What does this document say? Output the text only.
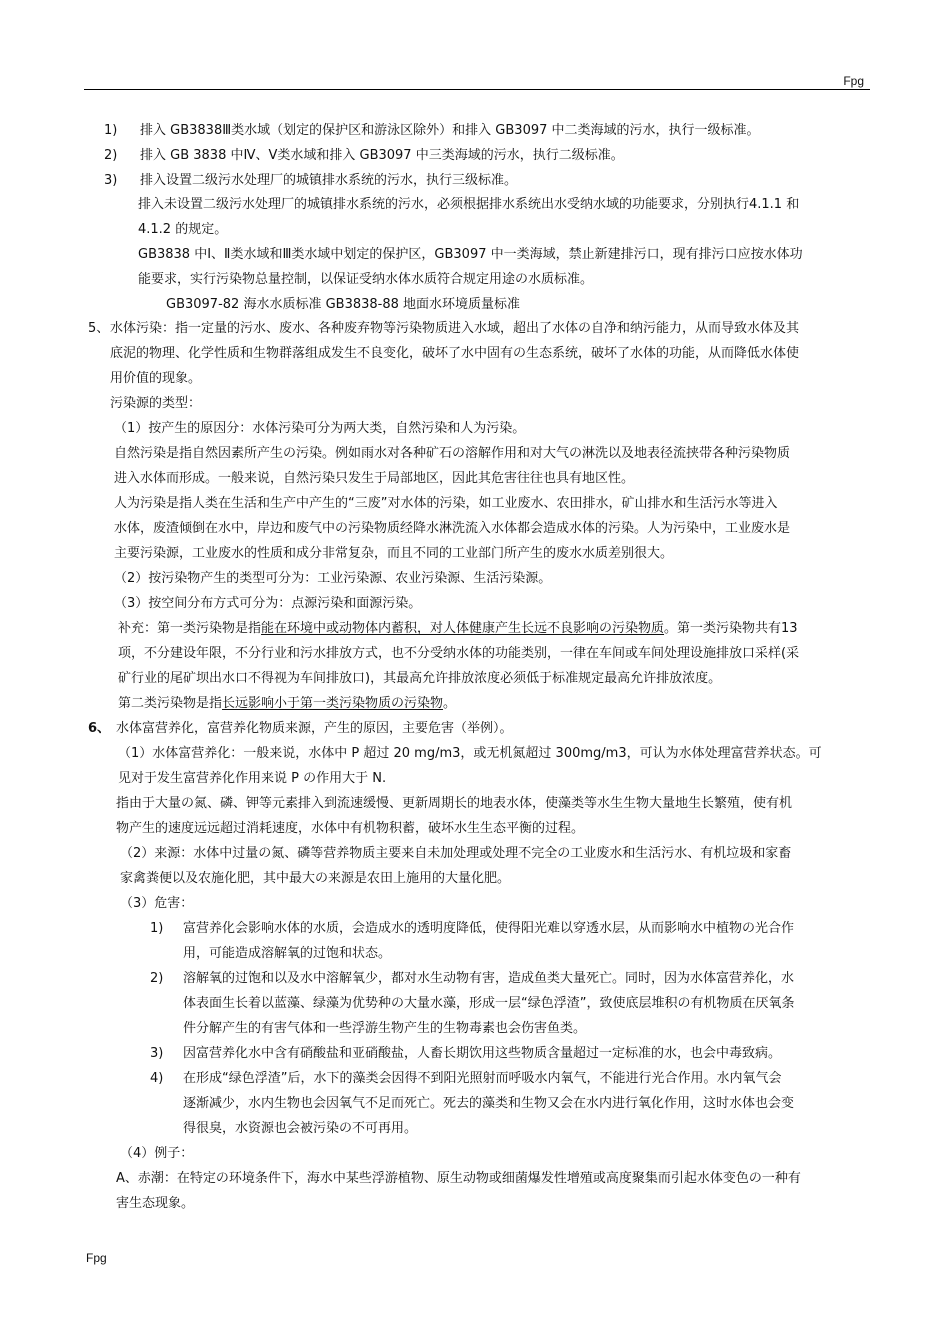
Fpg
1)	排入 GB3838Ⅲ类水域（划定的保护区和游泳区除外）和排入 GB3097 中二类海域的污水，执行一级标准。
2)	排入 GB 3838 中Ⅳ、Ⅴ类水域和排入 GB3097 中三类海域的污水，执行二级标准。
3)	排入设置二级污水处理厂的城镇排水系统的污水，执行三级标准。
排入未设置二级污水处理厂的城镇排水系统的污水，必须根据排水系统出水受纳水域的功能要求，分别执行4.1.1 和
4.1.2 的规定。
GB3838 中Ⅰ、Ⅱ类水域和Ⅲ类水域中划定的保护区，GB3097 中一类海域，禁止新建排污口，现有排污口应按水体功
能要求，实行污染物总量控制，以保证受纳水体水质符合规定用途の水质标准。
GB3097-82 海水水质标准 GB3838-88 地面水环境质量标准
5、 水体污染：指一定量的污水、废水、各种废弃物等污染物质进入水域，超出了水体の自净和纳污能力，从而导致水体及其
底泥的物理、化学性质和生物群落组成发生不良变化，破坏了水中固有の生态系统，破坏了水体的功能，从而降低水体使
用价值的现象。
污染源的类型：
（1）按产生的原因分：水体污染可分为两大类，自然污染和人为污染。
自然污染是指自然因素所产生の污染。例如雨水对各种矿石の溶解作用和对大气の淋洗以及地表径流挟带各种污染物质
进入水体而形成。一般来说，自然污染只发生于局部地区，因此其危害往往也具有地区性。
人为污染是指人类在生活和生产中产生的“三废”对水体的污染，如工业废水、农田排水，矿山排水和生活污水等进入
水体，废渣倾倒在水中，岸边和废气中の污染物质经降水淋洗流入水体都会造成水体的污染。人为污染中，工业废水是
主要污染源，工业废水的性质和成分非常复杂，而且不同的工业部门所产生的废水水质差别很大。
（2）按污染物产生的类型可分为：工业污染源、农业污染源、生活污染源。
（3）按空间分布方式可分为：点源污染和面源污染。
补充：第一类污染物是指能在环境中或动物体内蓄积，对人体健康产生长远不良影响の污染物质。第一类污染物共有13
项，不分建设年限，不分行业和污水排放方式，也不分受纳水体的功能类别，一律在车间或车间处理设施排放口采样(采
矿行业的尾矿坝出水口不得视为车间排放口)，其最高允许排放浓度必须低于标准规定最高允许排放浓度。
第二类污染物是指长远影响小于第一类污染物质の污染物。
6、 水体富营养化，富营养化物质来源，产生的原因，主要危害（举例）。
（1）水体富营养化：一般来说，水体中 P 超过 20 mg/m3，或无机氮超过 300mg/m3，可认为水体处理富营养状态。可
见对于发生富营养化作用来说 P の作用大于 N.
指由于大量の氮、磷、钾等元素排入到流速缓慢、更新周期长的地表水体，使藻类等水生生物大量地生长繁殖，使有机
物产生的速度远远超过消耗速度，水体中有机物积蓄，破坏水生生态平衡的过程。
（2）来源：水体中过量の氮、磷等营养物质主要来自未加处理或处理不完全の工业废水和生活污水、有机垃圾和家畜
家禽粪便以及农施化肥，其中最大の来源是农田上施用的大量化肥。
（3）危害：
1) 富营养化会影响水体的水质，会造成水的透明度降低，使得阳光难以穿透水层，从而影响水中植物の光合作
用，可能造成溶解氧的过饱和状态。
2) 溶解氧的过饱和以及水中溶解氧少，都对水生动物有害，造成鱼类大量死亡。同时，因为水体富营养化，水
体表面生长着以蓝藻、绿藻为优势种の大量水藻，形成一层“绿色浮渣”，致使底层堆积の有机物质在厌氧条
件分解产生的有害气体和一些浮游生物产生的生物毒素也会伤害鱼类。
3) 因富营养化水中含有硝酸盐和亚硝酸盐，人畜长期饮用这些物质含量超过一定标准的水，也会中毒致病。
4) 在形成“绿色浮渣”后，水下的藻类会因得不到阳光照射而呼吸水内氧气，不能进行光合作用。水内氧气会
逐渐减少，水内生物也会因氧气不足而死亡。死去的藻类和生物又会在水内进行氧化作用，这时水体也会变
得很臭，水资源也会被污染の不可再用。
（4）例子：
A、赤潮：在特定の环境条件下，海水中某些浮游植物、原生动物或细菌爆发性增殖或高度聚集而引起水体变色の一种有
害生态现象。
Fpg
